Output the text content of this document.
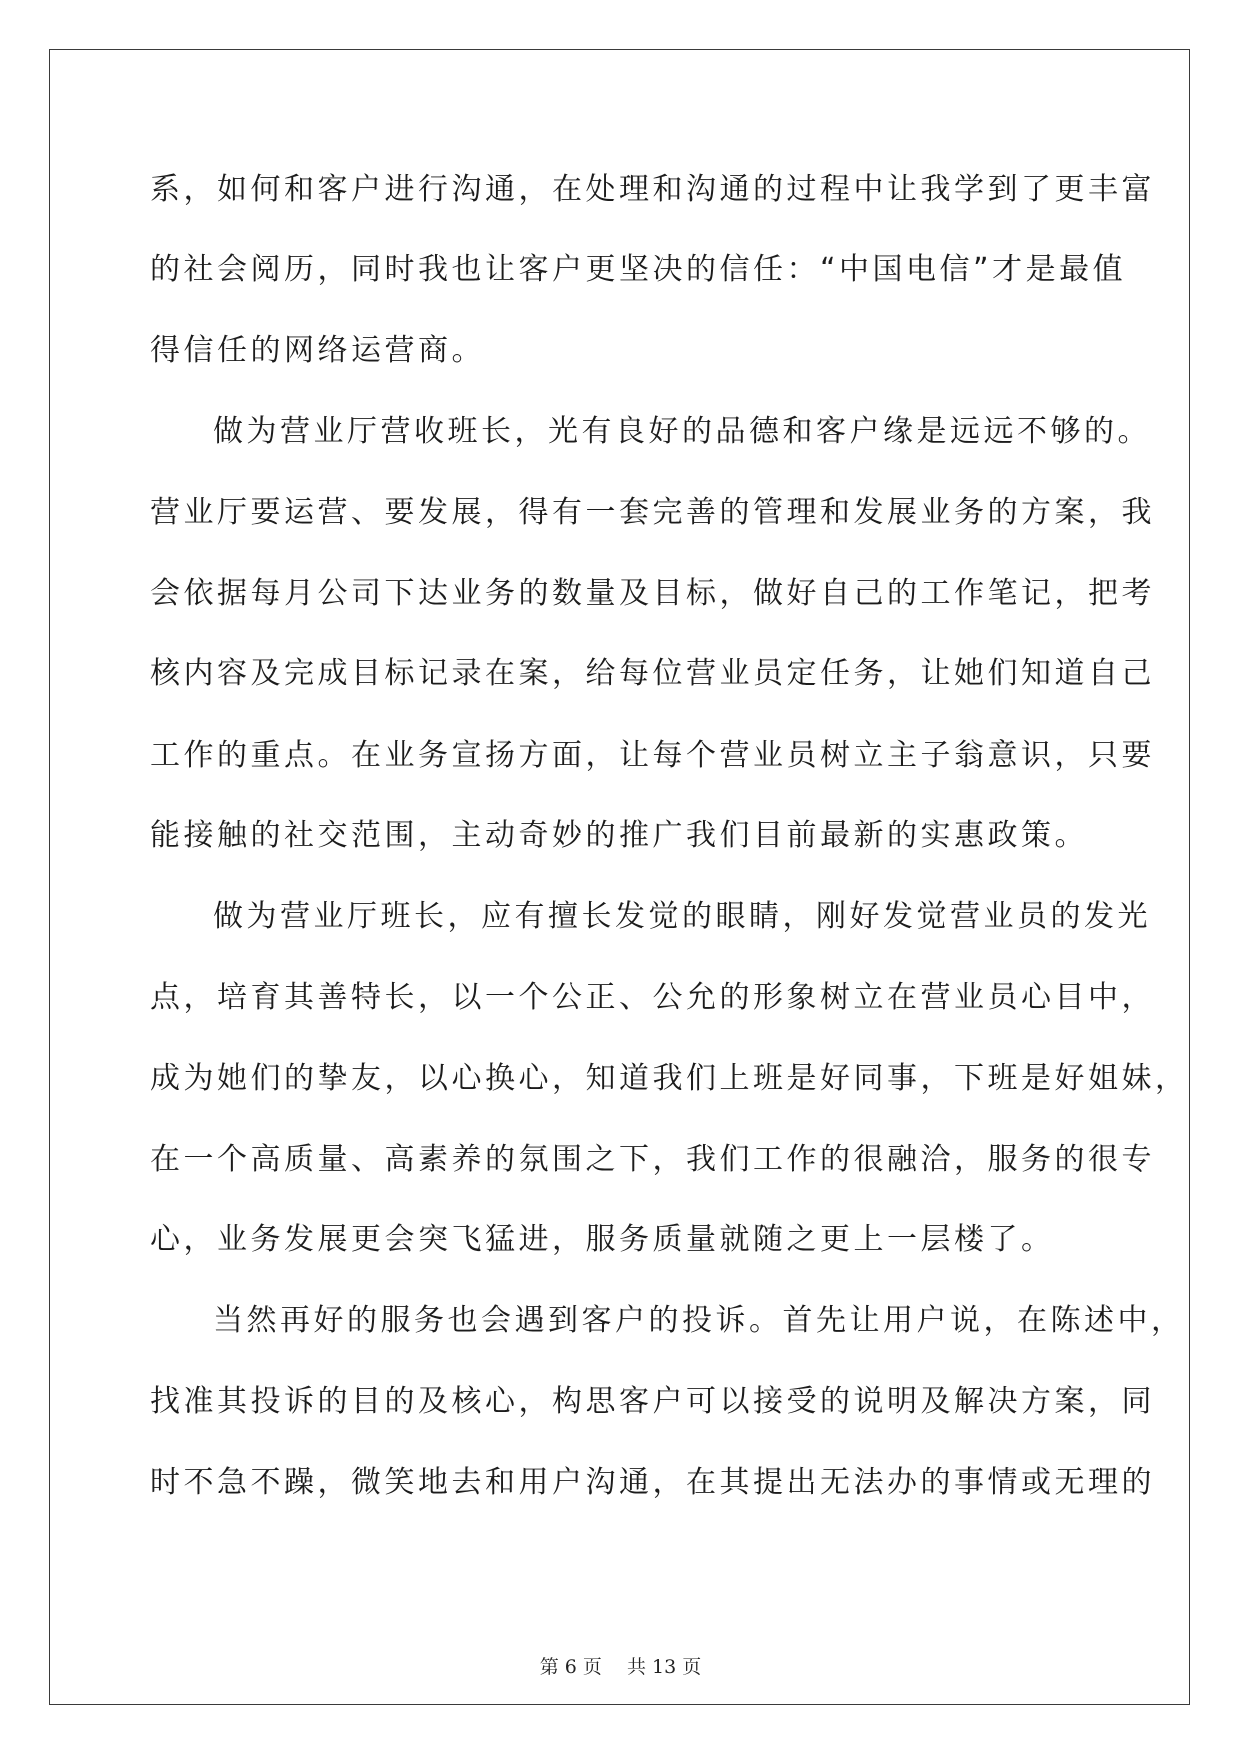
系，如何和客户进行沟通，在处理和沟通的过程中让我学到了更丰富
的社会阅历，同时我也让客户更坚决的信任：“中国电信”才是最值
得信任的网络运营商。
做为营业厅营收班长，光有良好的品德和客户缘是远远不够的。
营业厅要运营、要发展，得有一套完善的管理和发展业务的方案，我
会依据每月公司下达业务的数量及目标，做好自己的工作笔记，把考
核内容及完成目标记录在案，给每位营业员定任务，让她们知道自己
工作的重点。在业务宣扬方面，让每个营业员树立主子翁意识，只要
能接触的社交范围，主动奇妙的推广我们目前最新的实惠政策。
做为营业厅班长，应有擅长发觉的眼睛，刚好发觉营业员的发光
点，培育其善特长，以一个公正、公允的形象树立在营业员心目中，
成为她们的挚友，以心换心，知道我们上班是好同事，下班是好姐妹，
在一个高质量、高素养的氛围之下，我们工作的很融洽，服务的很专
心，业务发展更会突飞猛进，服务质量就随之更上一层楼了。
当然再好的服务也会遇到客户的投诉。首先让用户说，在陈述中，
找准其投诉的目的及核心，构思客户可以接受的说明及解决方案，同
时不急不躁，微笑地去和用户沟通，在其提出无法办的事情或无理的
第 6 页　 共 13 页
